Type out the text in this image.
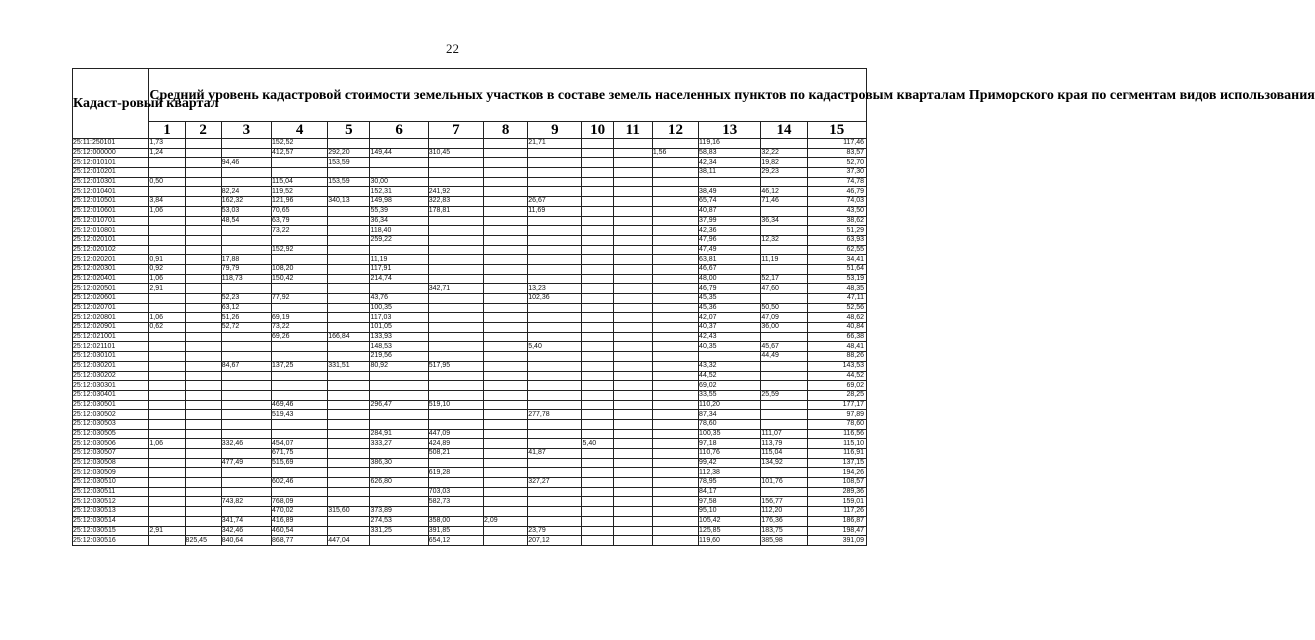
22
Кадаст-ровый квартал	Средний уровень кадастровой стоимости земельных участков в составе земель населенных пунктов по кадастровым кварталам Приморского края по сегментам видов использования														
	1	2	3	4	5	6	7	8	9	10	11	12	13	14	15
25:11:250101	1,73			152,52					21,71				119,16		117,46
25:12:000000	1,24			412,57	292,20	149,44	310,45					1,56	58,83	32,22	83,57
25:12:010101			94,46		153,59								42,34	19,82	52,70
25:12:010201													38,11	29,23	37,30
25:12:010301	0,50			115,04	153,59	30,00									74,78
25:12:010401			82,24	119,52		152,31	241,92						38,49	46,12	46,79
25:12:010501	3,84		162,32	121,96	340,13	149,98	322,83		26,67				65,74	71,46	74,03
25:12:010601	1,06		53,03	70,65		55,39	178,81		11,69				40,87		43,50
25:12:010701			48,54	63,79		36,34							37,99	36,34	38,62
25:12:010801				73,22		118,40							42,36		51,29
25:12:020101						259,22							47,96	12,32	63,93
25:12:020102				152,92									47,49		62,55
25:12:020201	0,91		17,88			11,19							63,81	11,19	34,41
25:12:020301	0,92		79,79	108,20		117,91							46,67		51,64
25:12:020401	1,06		118,73	150,42		214,74							48,00	52,17	53,19
25:12:020501	2,91						342,71		13,23				46,79	47,60	48,35
25:12:020601			52,23	77,92		43,76			102,36				45,35		47,11
25:12:020701			63,12			100,35							45,36	50,50	52,56
25:12:020801	1,06		51,26	69,19		117,03							42,07	47,09	48,62
25:12:020901	0,62		52,72	73,22		101,05							40,37	36,00	40,84
25:12:021001				69,26	166,84	133,93							42,43		66,38
25:12:021101						148,53			5,40				40,35	45,67	48,41
25:12:030101						219,56								44,49	88,26
25:12:030201			84,67	137,25	331,51	80,92	517,95						43,32		143,53
25:12:030202													44,52		44,52
25:12:030301													69,02		69,02
25:12:030401													33,55	25,59	28,25
25:12:030501				469,46		296,47	519,10						110,20		177,17
25:12:030502				519,43					277,78				87,34		97,89
25:12:030503													78,60		78,60
25:12:030505						284,91	447,09						100,35	111,07	116,56
25:12:030506	1,06		332,46	454,07		333,27	424,89			5,40			97,18	113,79	115,10
25:12:030507				671,75			508,21		41,87				110,76	115,04	116,91
25:12:030508			477,49	515,69		386,30							99,42	134,92	137,15
25:12:030509							619,28						112,38		194,26
25:12:030510				602,46		626,80			327,27				78,95	101,76	108,57
25:12:030511							703,03						84,17		289,36
25:12:030512			743,82	768,09			582,73						97,58	156,77	159,01
25:12:030513				470,02	315,60	373,89							95,10	112,20	117,26
25:12:030514			341,74	416,89		274,53	358,00	2,09					105,42	176,36	186,87
25:12:030515	2,91		342,46	460,54		331,25	391,85		23,79				125,85	183,75	198,47
25:12:030516		825,45	840,64	868,77	447,04		654,12		207,12				119,60	385,98	391,09
